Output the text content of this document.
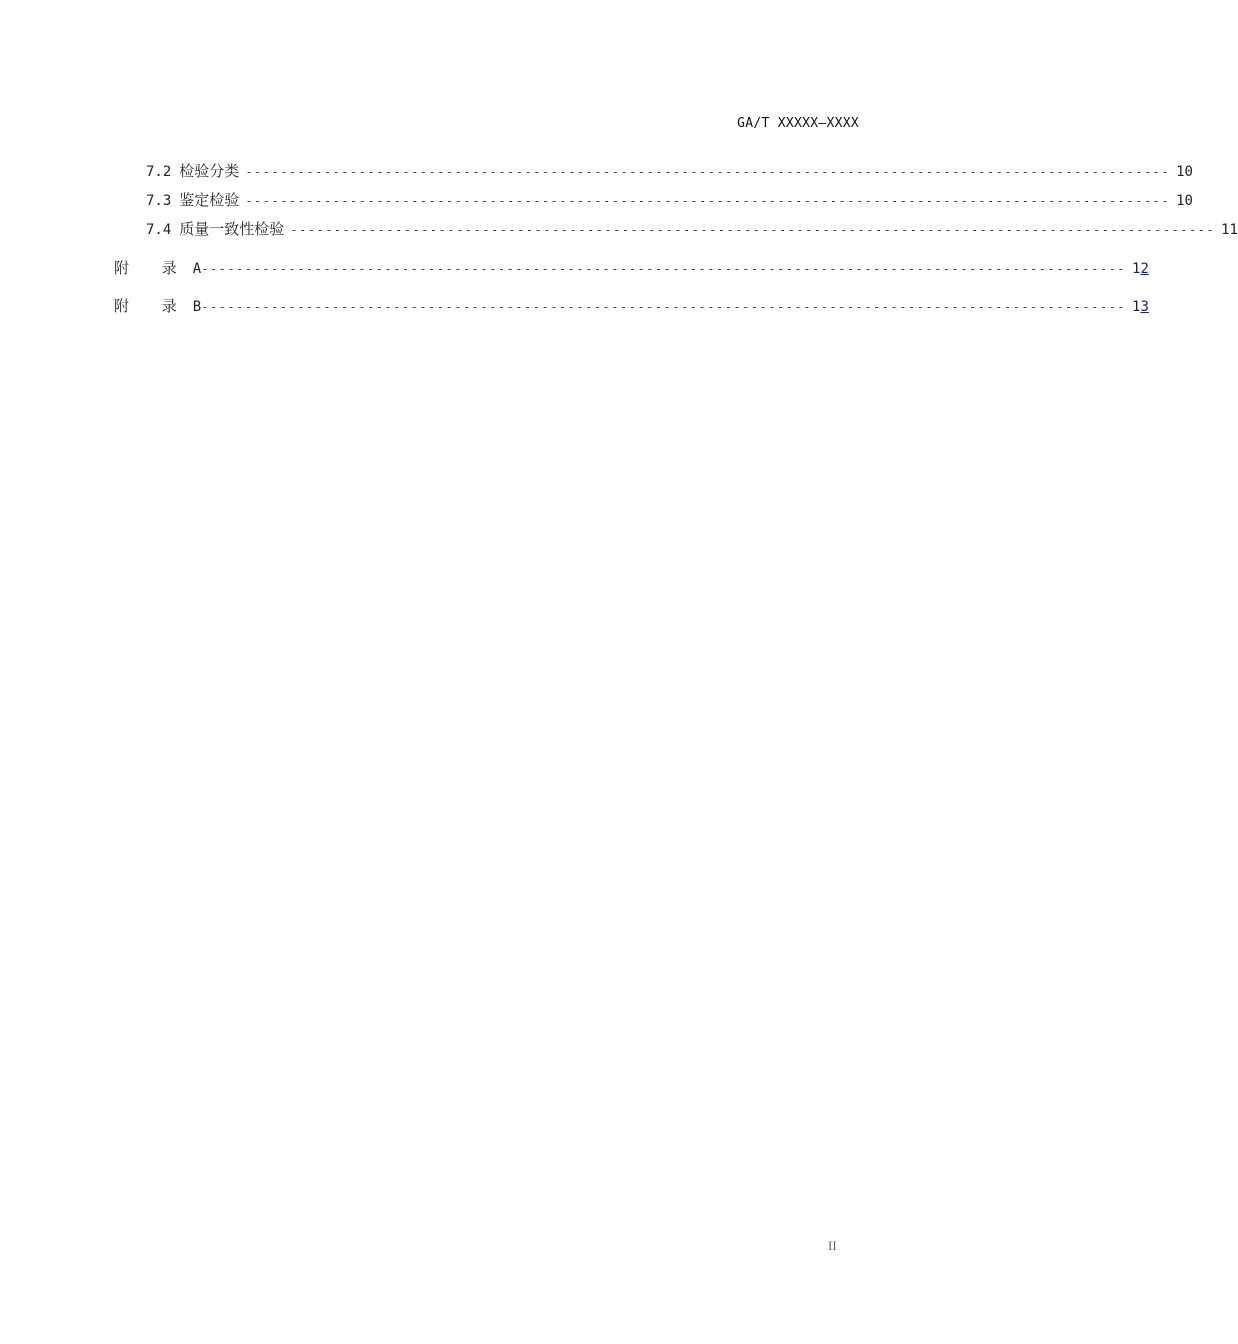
GA/T XXXXX—XXXX
7.2 检验分类 ---------------------------------------------------------------------------------------------------------- 10
7.3 鉴定检验 ---------------------------------------------------------------------------------------------------------- 10
7.4 质量一致性检验 ---------------------------------------------------------------------------------------------------------- 11
附 录 A ---------------------------------------------------------------------------------------------------------- 12
附 录 B ---------------------------------------------------------------------------------------------------------- 13
II
